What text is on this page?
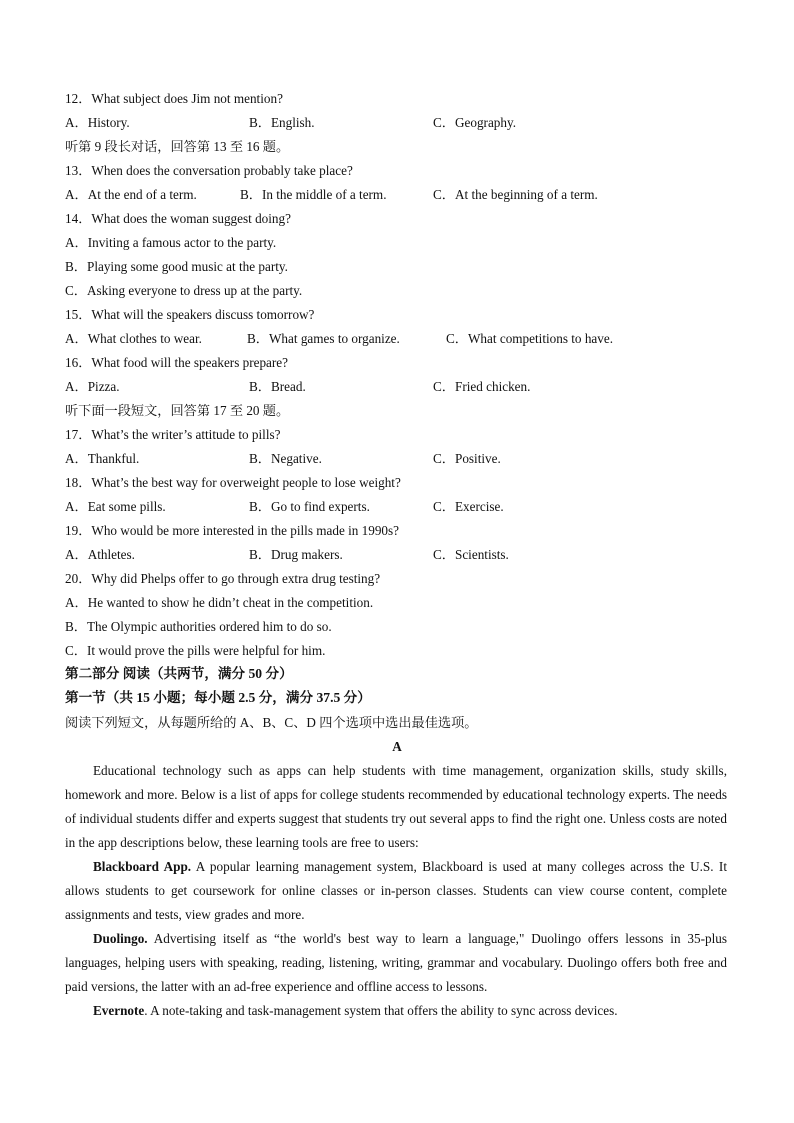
12．What subject does Jim not mention?
A．History.	B．English.	C．Geography.
听第 9 段长对话，回答第 13 至 16 题。
13．When does the conversation probably take place?
A．At the end of a term.	B．In the middle of a term.	C．At the beginning of a term.
14．What does the woman suggest doing?
A．Inviting a famous actor to the party.
B．Playing some good music at the party.
C．Asking everyone to dress up at the party.
15．What will the speakers discuss tomorrow?
A．What clothes to wear.	B．What games to organize.	C．What competitions to have.
16．What food will the speakers prepare?
A．Pizza.	B．Bread.	C．Fried chicken.
听下面一段短文，回答第 17 至 20 题。
17．What’s the writer’s attitude to pills?
A．Thankful.	B．Negative.	C．Positive.
18．What’s the best way for overweight people to lose weight?
A．Eat some pills.	B．Go to find experts.	C．Exercise.
19．Who would be more interested in the pills made in 1990s?
A．Athletes.	B．Drug makers.	C．Scientists.
20．Why did Phelps offer to go through extra drug testing?
A．He wanted to show he didn’t cheat in the competition.
B．The Olympic authorities ordered him to do so.
C．It would prove the pills were helpful for him.
第二部分 阅读（共两节，满分 50 分）
第一节（共 15 小题；每小题 2.5 分，满分 37.5 分）
阅读下列短文，从每题所给的 A、B、C、D 四个选项中选出最佳选项。
A
Educational technology such as apps can help students with time management, organization skills, study skills, homework and more. Below is a list of apps for college students recommended by educational technology experts. The needs of individual students differ and experts suggest that students try out several apps to find the right one. Unless costs are noted in the app descriptions below, these learning tools are free to users:
Blackboard App. A popular learning management system, Blackboard is used at many colleges across the U.S. It allows students to get coursework for online classes or in-person classes. Students can view course content, complete assignments and tests, view grades and more.
Duolingo. Advertising itself as “the world's best way to learn a language," Duolingo offers lessons in 35-plus languages, helping users with speaking, reading, listening, writing, grammar and vocabulary. Duolingo offers both free and paid versions, the latter with an ad-free experience and offline access to lessons.
Evernote. A note-taking and task-management system that offers the ability to sync across devices.
